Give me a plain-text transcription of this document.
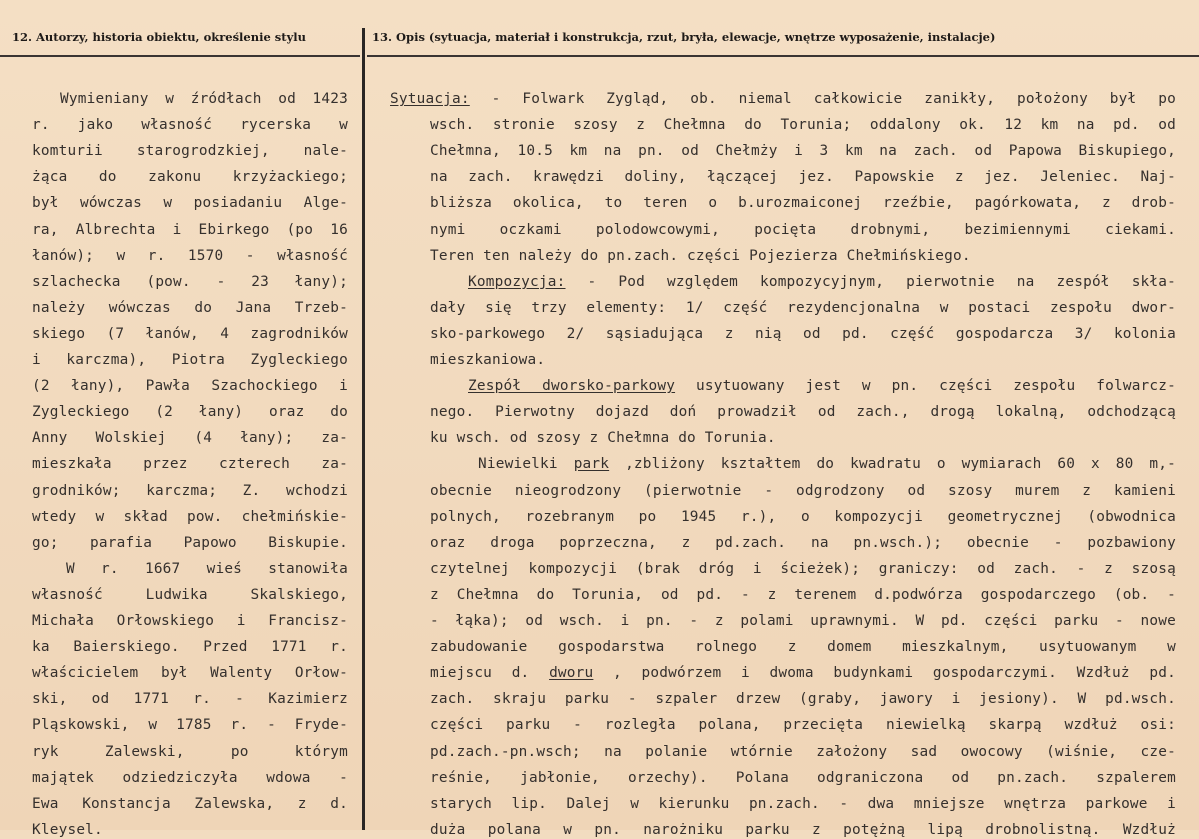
12. Autorzy, historia obiektu, określenie stylu	13. Opis (sytuacja, materiał i konstrukcja, rzut, bryła, elewacje, wnętrze wyposażenie, instalacje)
Wymieniany w źródłach od 1423
r. jako własność rycerska w
komturii starogrodzkiej, nale-
żąca do zakonu krzyżackiego;
był wówczas w posiadaniu Alge-
ra, Albrechta i Ebirkego (po 16
łanów); w r. 1570 - własność
szlachecka (pow. - 23 łany);
należy wówczas do Jana Trzeb-
skiego (7 łanów, 4 zagrodników
i karczma), Piotra Zygleckiego
(2 łany), Pawła Szachockiego i
Zygleckiego (2 łany) oraz do
Anny Wolskiej (4 łany); za-
mieszkała przez czterech za-
grodników; karczma; Z. wchodzi
wtedy w skład pow. chełmińskie-
go; parafia Papowo Biskupie.
W r. 1667 wieś stanowiła
własność Ludwika Skalskiego,
Michała Orłowskiego i Francisz-
ka Baierskiego. Przed 1771 r.
właścicielem był Walenty Orłow-
ski, od 1771 r. - Kazimierz
Pląskowski, w 1785 r. - Fryde-
ryk Zalewski, po którym
majątek odziedziczyła wdowa -
Ewa Konstancja Zalewska, z d.
Kleysel.
Sytuacja: - Folwark Zygląd, ob. niemal całkowicie zanikły, położony był po
wsch. stronie szosy z Chełmna do Torunia; oddalony ok. 12 km na pd. od
Chełmna, 10.5 km na pn. od Chełmży i 3 km na zach. od Papowa Biskupiego,
na zach. krawędzi doliny, łączącej jez. Papowskie z jez. Jeleniec. Naj-
bliższa okolica, to teren o b.urozmaiconej rzeźbie, pagórkowata, z drob-
nymi oczkami polodowcowymi, pocięta drobnymi, bezimiennymi ciekami.
Teren ten należy do pn.zach. części Pojezierza Chełmińskiego.
Kompozycja: - Pod względem kompozycyjnym, pierwotnie na zespół skła-
dały się trzy elementy: 1/ część rezydencjonalna w postaci zespołu dwor-
sko-parkowego 2/ sąsiadująca z nią od pd. część gospodarcza 3/ kolonia
mieszkaniowa.
Zespół dworsko-parkowy usytuowany jest w pn. części zespołu folwarcz-
nego. Pierwotny dojazd doń prowadził od zach., drogą lokalną, odchodzącą
ku wsch. od szosy z Chełmna do Torunia.
Niewielki park ,zbliżony kształtem do kwadratu o wymiarach 60 x 80 m,-
obecnie nieogrodzony (pierwotnie - odgrodzony od szosy murem z kamieni
polnych, rozebranym po 1945 r.), o kompozycji geometrycznej (obwodnica
oraz droga poprzeczna, z pd.zach. na pn.wsch.); obecnie - pozbawiony
czytelnej kompozycji (brak dróg i ścieżek); graniczy: od zach. - z szosą
z Chełmna do Torunia, od pd. - z terenem d.podwórza gospodarczego (ob. -
- łąka); od wsch. i pn. - z polami uprawnymi. W pd. części parku - nowe
zabudowanie gospodarstwa rolnego z domem mieszkalnym, usytuowanym w
miejscu d. dworu , podwórzem i dwoma budynkami gospodarczymi. Wzdłuż pd.
zach. skraju parku - szpaler drzew (graby, jawory i jesiony). W pd.wsch.
części parku - rozległa polana, przecięta niewielką skarpą wzdłuż osi:
pd.zach.-pn.wsch; na polanie wtórnie założony sad owocowy (wiśnie, cze-
reśnie, jabłonie, orzechy). Polana odgraniczona od pn.zach. szpalerem
starych lip. Dalej w kierunku pn.zach. - dwa mniejsze wnętrza parkowe i
duża polana w pn. narożniku parku z potężną lipą drobnolistną. Wzdłuż
